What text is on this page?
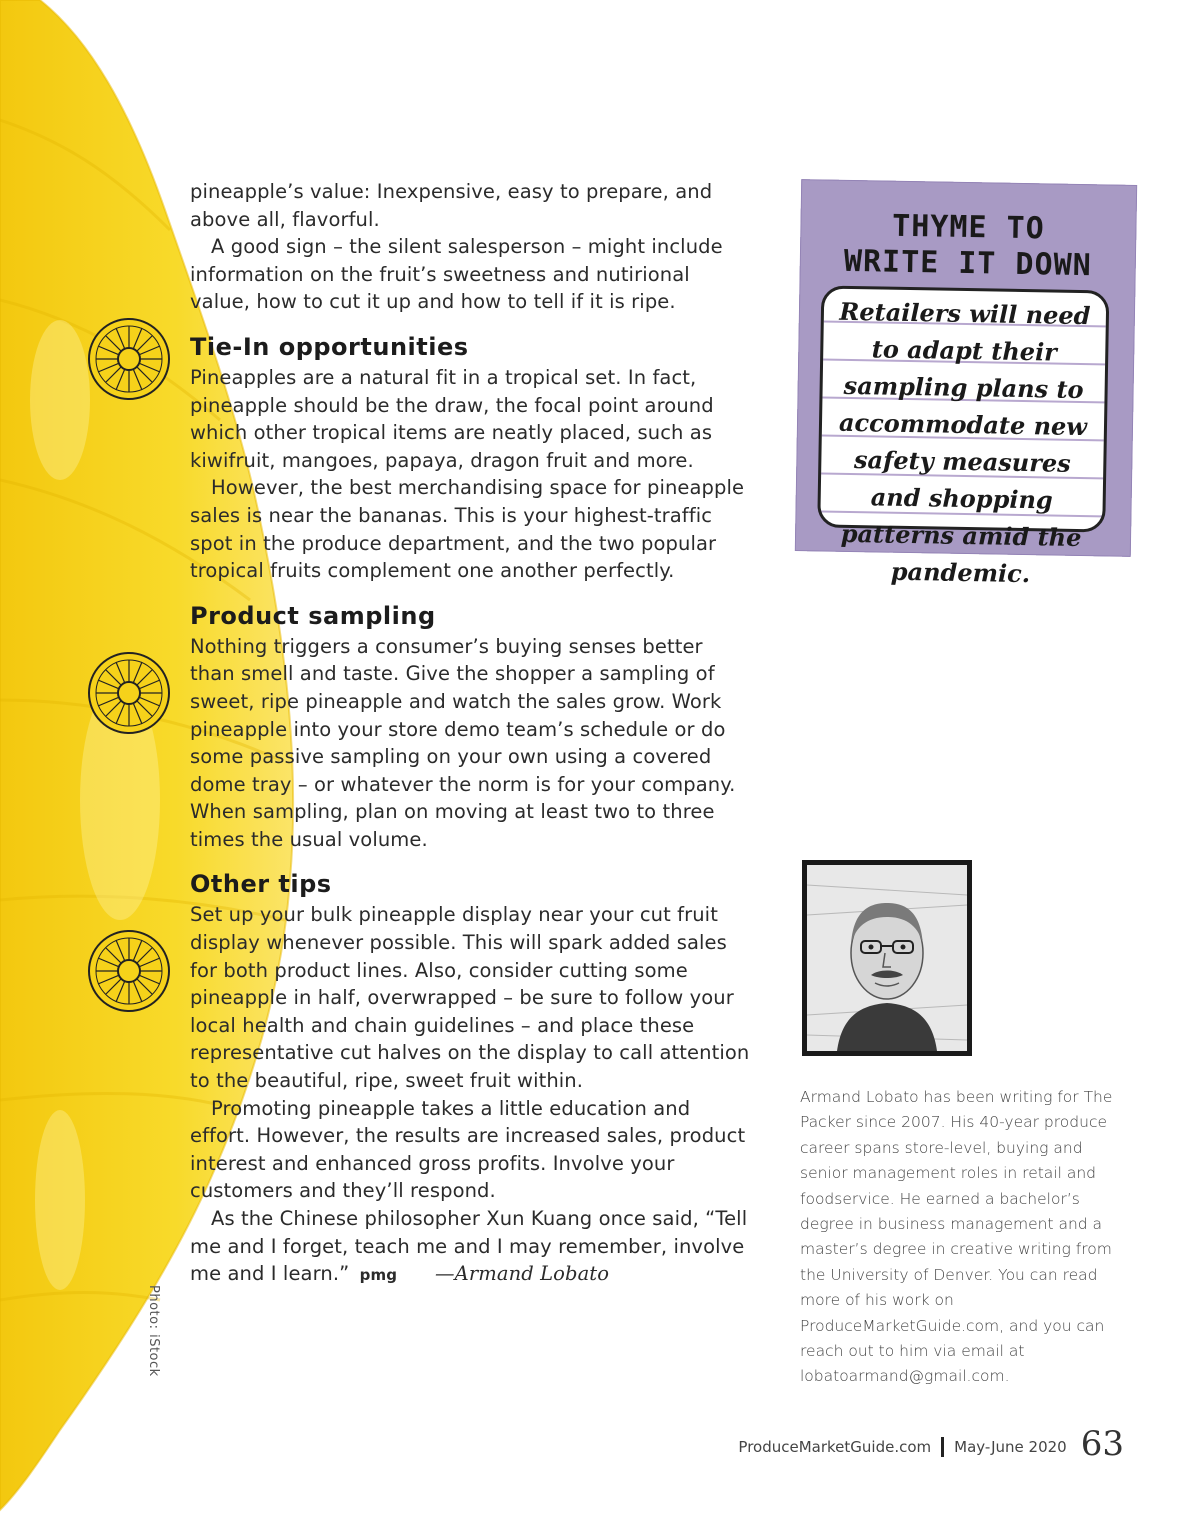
pineapple’s value: Inexpensive, easy to prepare, and above all, flavorful.

A good sign – the silent salesperson – might include information on the fruit’s sweetness and nutirional value, how to cut it up and how to tell if it is ripe.

Tie-In opportunities

Pineapples are a natural fit in a tropical set. In fact, pineapple should be the draw, the focal point around which other tropical items are neatly placed, such as kiwifruit, mangoes, papaya, dragon fruit and more.

However, the best merchandising space for pineapple sales is near the bananas. This is your highest-traffic spot in the produce department, and the two popular tropical fruits complement one another perfectly.

Product sampling

Nothing triggers a consumer’s buying senses better than smell and taste. Give the shopper a sampling of sweet, ripe pineapple and watch the sales grow. Work pineapple into your store demo team’s schedule or do some passive sampling on your own using a covered dome tray – or whatever the norm is for your company. When sampling, plan on moving at least two to three times the usual volume.

Other tips

Set up your bulk pineapple display near your cut fruit display whenever possible. This will spark added sales for both product lines. Also, consider cutting some pineapple in half, overwrapped – be sure to follow your local health and chain guidelines – and place these representative cut halves on the display to call attention to the beautiful, ripe, sweet fruit within.

Promoting pineapple takes a little education and effort. However, the results are increased sales, product interest and enhanced gross profits. Involve your customers and they’ll respond.

As the Chinese philosopher Xun Kuang once said, “Tell me and I forget, teach me and I may remember, involve me and I learn.” pmg —Armand Lobato

Photo: iStock
THYME TO
WRITE IT DOWN
Retailers will need to adapt their sampling plans to accommodate new safety measures and shopping patterns amid the pandemic.
Armand Lobato has been writing for The Packer since 2007. His 40-year produce career spans store-level, buying and senior management roles in retail and foodservice. He earned a bachelor’s degree in business management and a master’s degree in creative writing from the University of Denver. You can read more of his work on ProduceMarketGuide.com, and you can reach out to him via email at lobatoarmand@gmail.com.
ProduceMarketGuide.com May-June 2020 63
